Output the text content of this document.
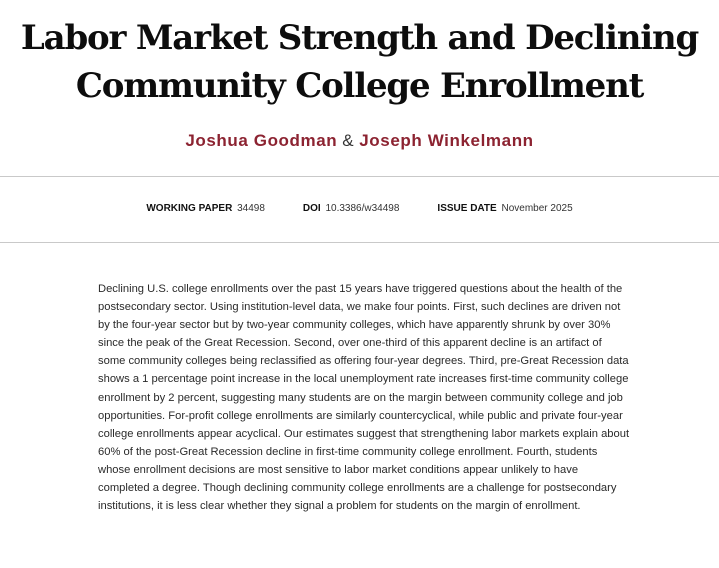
Labor Market Strength and Declining Community College Enrollment
Joshua Goodman & Joseph Winkelmann
WORKING PAPER 34498	DOI 10.3386/w34498	ISSUE DATE November 2025

Declining U.S. college enrollments over the past 15 years have triggered questions about the health of the postsecondary sector. Using institution-level data, we make four points. First, such declines are driven not by the four-year sector but by two-year community colleges, which have apparently shrunk by over 30% since the peak of the Great Recession. Second, over one-third of this apparent decline is an artifact of some community colleges being reclassified as offering four-year degrees. Third, pre-Great Recession data shows a 1 percentage point increase in the local unemployment rate increases first-time community college enrollment by 2 percent, suggesting many students are on the margin between community college and job opportunities. For-profit college enrollments are similarly countercyclical, while public and private four-year college enrollments appear acyclical. Our estimates suggest that strengthening labor markets explain about 60% of the post-Great Recession decline in first-time community college enrollment. Fourth, students whose enrollment decisions are most sensitive to labor market conditions appear unlikely to have completed a degree. Though declining community college enrollments are a challenge for postsecondary institutions, it is less clear whether they signal a problem for students on the margin of enrollment.
